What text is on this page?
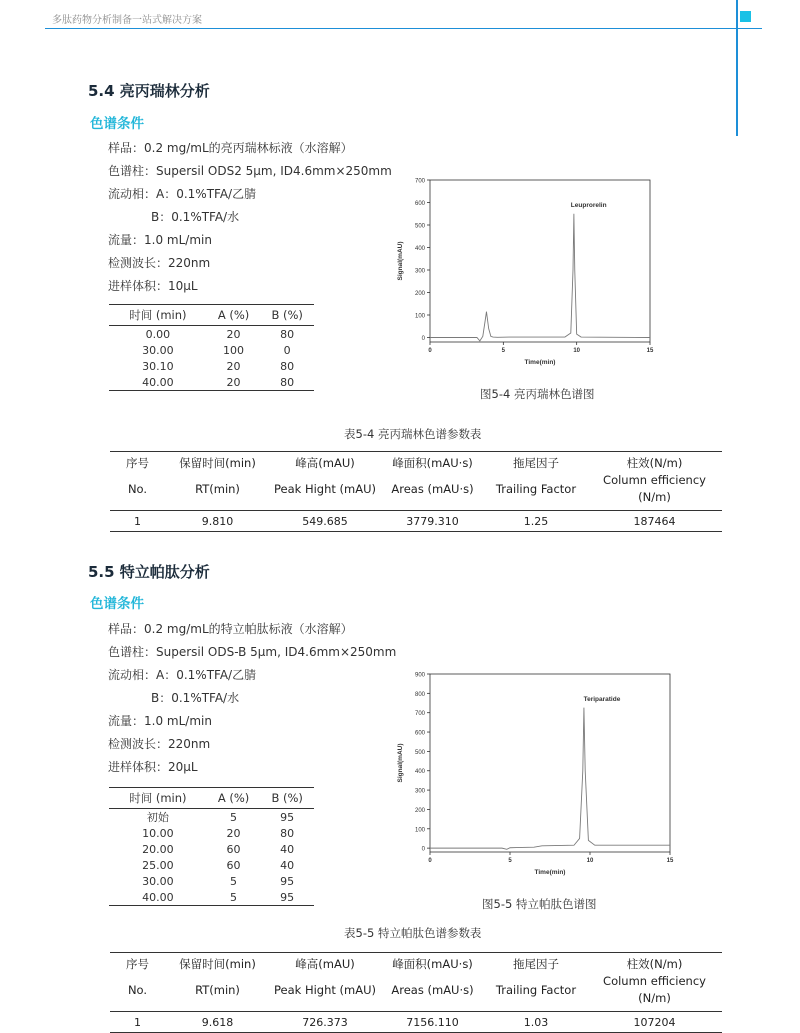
多肽药物分析制备一站式解决方案
5.4 亮丙瑞林分析
色谱条件
样品：0.2 mg/mL的亮丙瑞林标液（水溶解）
色谱柱：Supersil ODS2 5μm, ID4.6mm×250mm
流动相：A：0.1%TFA/乙腈
B：0.1%TFA/水
流量：1.0 mL/min
检测波长：220nm
进样体积：10μL
时间 (min)	A (%)	B (%)
0.00	20	80
30.00	100	0
30.10	20	80
40.00	20	80
0
100
200
300
400
500
600
700
0	5	10	15
Time(min)
Signal(mAU)
Leuprorelin
图5-4 亮丙瑞林色谱图
表5-4 亮丙瑞林色谱参数表
序号	保留时间(min)	峰高(mAU)	峰面积(mAU·s)	拖尾因子	柱效(N/m)
No.	RT(min)	Peak Hight (mAU)	Areas (mAU·s)	Trailing Factor	Column efficiency (N/m)
1	9.810	549.685	3779.310	1.25	187464
5.5 特立帕肽分析
色谱条件
样品：0.2 mg/mL的特立帕肽标液（水溶解）
色谱柱：Supersil ODS-B 5μm, ID4.6mm×250mm
流动相：A：0.1%TFA/乙腈
B：0.1%TFA/水
流量：1.0 mL/min
检测波长：220nm
进样体积：20μL
时间 (min)	A (%)	B (%)
初始	5	95
10.00	20	80
20.00	60	40
25.00	60	40
30.00	5	95
40.00	5	95
0
100
200
300
400
500
600
700
800
900
0	5	10	15
Time(min)
Signal(mAU)
Teriparatide
图5-5 特立帕肽色谱图
表5-5 特立帕肽色谱参数表
序号	保留时间(min)	峰高(mAU)	峰面积(mAU·s)	拖尾因子	柱效(N/m)
No.	RT(min)	Peak Hight (mAU)	Areas (mAU·s)	Trailing Factor	Column efficiency (N/m)
1	9.618	726.373	7156.110	1.03	107204
